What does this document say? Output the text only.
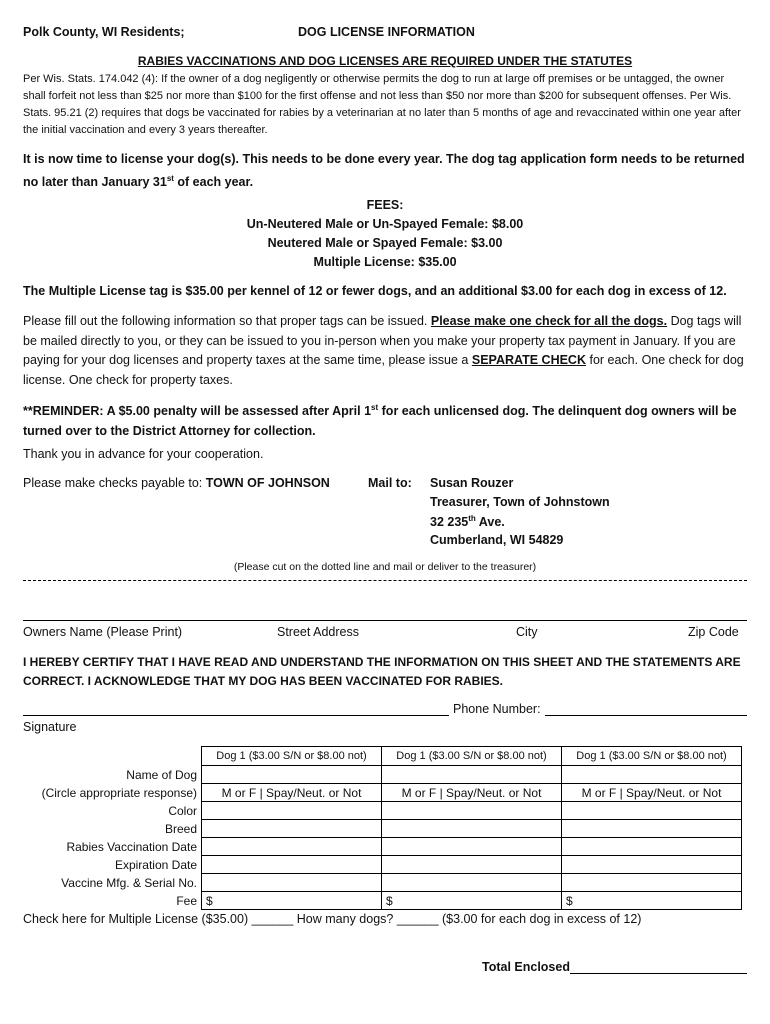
Polk County, WI Residents;	DOG LICENSE INFORMATION
RABIES VACCINATIONS AND DOG LICENSES ARE REQUIRED UNDER THE STATUTES
Per Wis. Stats. 174.042 (4): If the owner of a dog negligently or otherwise permits the dog to run at large off premises or be untagged, the owner shall forfeit not less than $25 nor more than $100 for the first offense and not less than $50 nor more than $200 for subsequent offenses. Per Wis. Stats. 95.21 (2) requires that dogs be vaccinated for rabies by a veterinarian at no later than 5 months of age and revaccinated within one year after the initial vaccination and every 3 years thereafter.
It is now time to license your dog(s). This needs to be done every year. The dog tag application form needs to be returned no later than January 31st of each year.
FEES:
Un-Neutered Male or Un-Spayed Female: $8.00
Neutered Male or Spayed Female: $3.00
Multiple License: $35.00
The Multiple License tag is $35.00 per kennel of 12 or fewer dogs, and an additional $3.00 for each dog in excess of 12.
Please fill out the following information so that proper tags can be issued. Please make one check for all the dogs. Dog tags will be mailed directly to you, or they can be issued to you in-person when you make your property tax payment in January. If you are paying for your dog licenses and property taxes at the same time, please issue a SEPARATE CHECK for each. One check for dog license. One check for property taxes.
**REMINDER: A $5.00 penalty will be assessed after April 1st for each unlicensed dog. The delinquent dog owners will be turned over to the District Attorney for collection.
Thank you in advance for your cooperation.
Please make checks payable to: TOWN OF JOHNSON	Mail to: Susan Rouzer
Treasurer, Town of Johnstown
32 235th Ave.
Cumberland, WI 54829
(Please cut on the dotted line and mail or deliver to the treasurer)
Owners Name (Please Print)	Street Address	City	Zip Code
I HEREBY CERTIFY THAT I HAVE READ AND UNDERSTAND THE INFORMATION ON THIS SHEET AND THE STATEMENTS ARE CORRECT. I ACKNOWLEDGE THAT MY DOG HAS BEEN VACCINATED FOR RABIES.
Phone Number:
Signature
	Dog 1 ($3.00 S/N or $8.00 not)	Dog 1 ($3.00 S/N or $8.00 not)	Dog 1 ($3.00 S/N or $8.00 not)
Name of Dog			
(Circle appropriate response)	M or F | Spay/Neut. or Not	M or F | Spay/Neut. or Not	M or F | Spay/Neut. or Not
Color			
Breed			
Rabies Vaccination Date			
Expiration Date			
Vaccine Mfg. & Serial No.			
Fee	$	$	$
Check here for Multiple License ($35.00) ______ How many dogs? ______ ($3.00 for each dog in excess of 12)
Total Enclosed
